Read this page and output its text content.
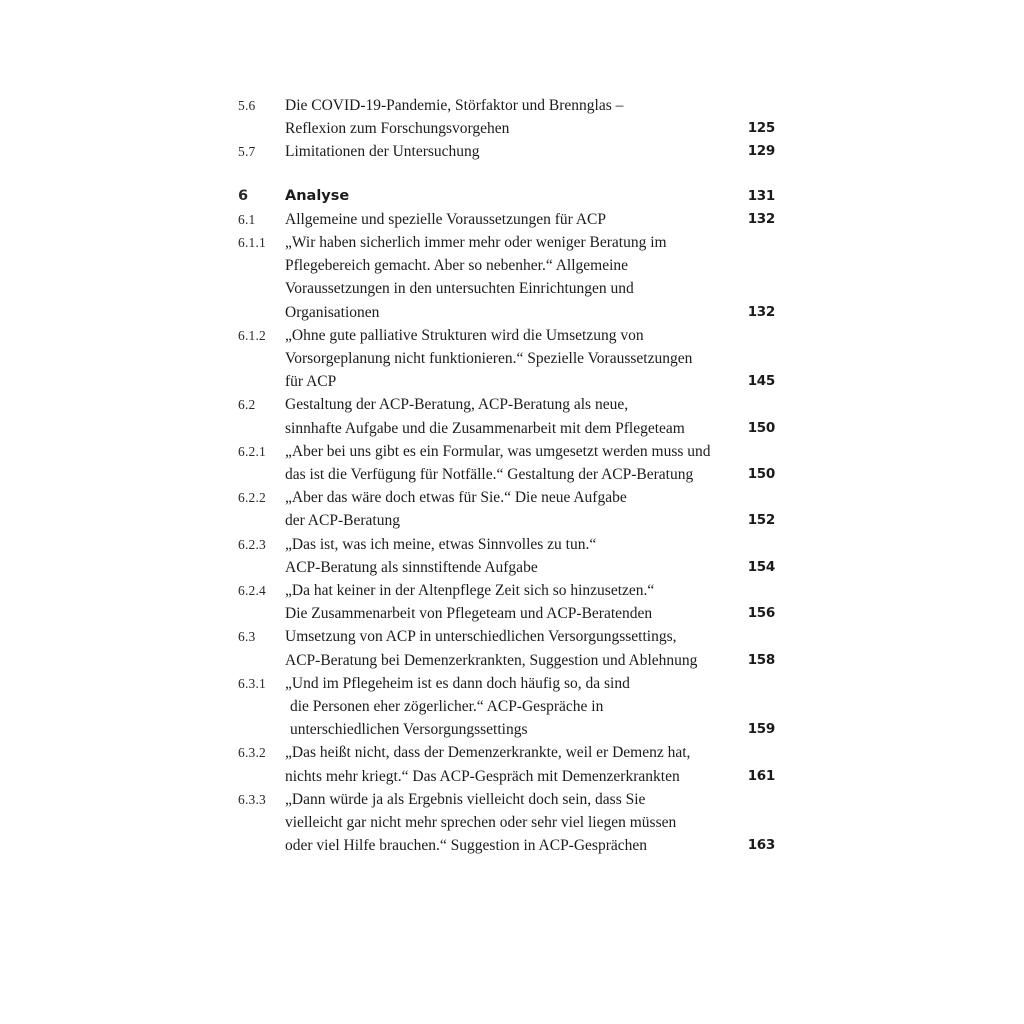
5.6	Die COVID-19-Pandemie, Störfaktor und Brennglas –
Reflexion zum Forschungsvorgehen	125
5.7	Limitationen der Untersuchung	129
6	Analyse	131
6.1	Allgemeine und spezielle Voraussetzungen für ACP	132
6.1.1	„Wir haben sicherlich immer mehr oder weniger Beratung im
Pflegebereich gemacht. Aber so nebenher.“ Allgemeine
Voraussetzungen in den untersuchten Einrichtungen und
Organisationen	132
6.1.2	„Ohne gute palliative Strukturen wird die Umsetzung von
Vorsorgeplanung nicht funktionieren.“ Spezielle Voraussetzungen
für ACP	145
6.2	Gestaltung der ACP-Beratung, ACP-Beratung als neue,
sinnhafte Aufgabe und die Zusammenarbeit mit dem Pflegeteam	150
6.2.1	„Aber bei uns gibt es ein Formular, was umgesetzt werden muss und
das ist die Verfügung für Notfälle.“ Gestaltung der ACP-Beratung	150
6.2.2	„Aber das wäre doch etwas für Sie.“ Die neue Aufgabe
der ACP-Beratung	152
6.2.3	„Das ist, was ich meine, etwas Sinnvolles zu tun.“
ACP-Beratung als sinnstiftende Aufgabe	154
6.2.4	„Da hat keiner in der Altenpflege Zeit sich so hinzusetzen.“
Die Zusammenarbeit von Pflegeteam und ACP-Beratenden	156
6.3	Umsetzung von ACP in unterschiedlichen Versorgungssettings,
ACP-Beratung bei Demenzerkrankten, Suggestion und Ablehnung	158
6.3.1	„Und im Pflegeheim ist es dann doch häufig so, da sind
die Personen eher zögerlicher.“ ACP-Gespräche in
unterschiedlichen Versorgungssettings	159
6.3.2	„Das heißt nicht, dass der Demenzerkrankte, weil er Demenz hat,
nichts mehr kriegt.“ Das ACP-Gespräch mit Demenzerkrankten	161
6.3.3	„Dann würde ja als Ergebnis vielleicht doch sein, dass Sie
vielleicht gar nicht mehr sprechen oder sehr viel liegen müssen
oder viel Hilfe brauchen.“ Suggestion in ACP-Gesprächen	163
